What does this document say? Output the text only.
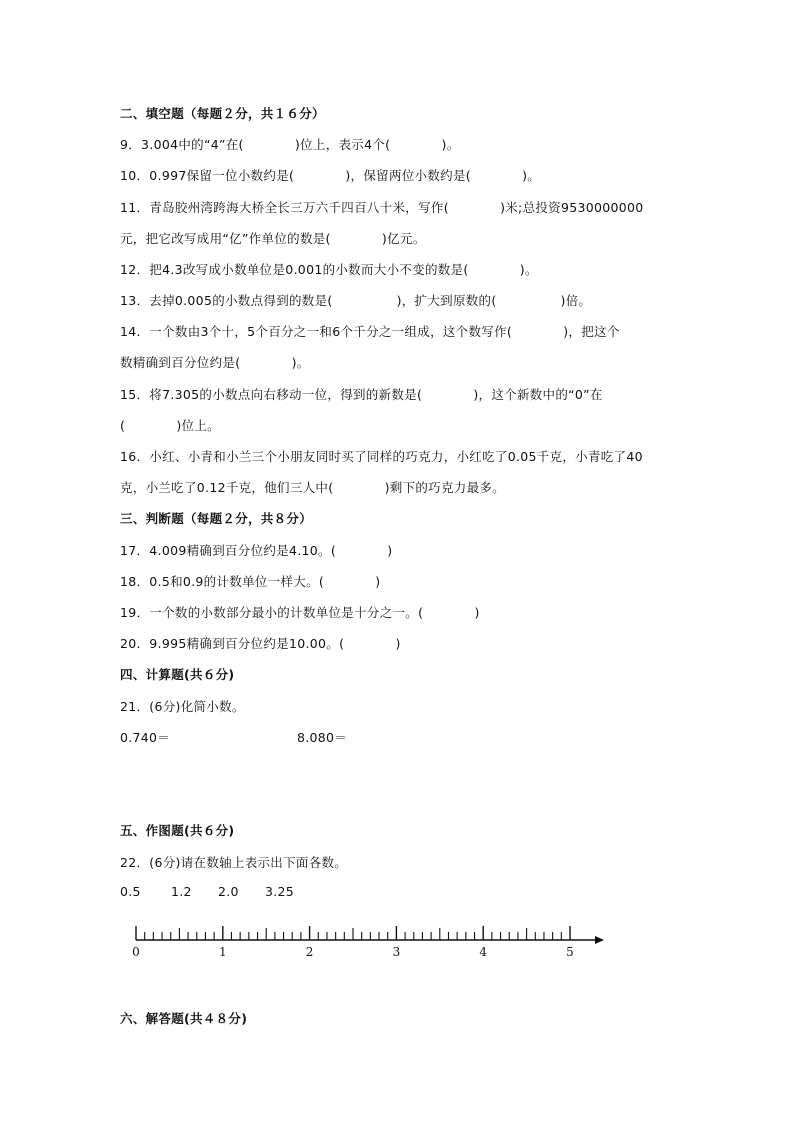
二、填空题（每题２分，共１６分）
9．3.004中的“4”在(　　　　)位上，表示4个(　　　　)。
10．0.997保留一位小数约是(　　　　)，保留两位小数约是(　　　　)。
11．青岛胶州湾跨海大桥全长三万六千四百八十米，写作(　　　　)米;总投资9530000000
元，把它改写成用“亿”作单位的数是(　　　　)亿元。
12．把4.3改写成小数单位是0.001的小数而大小不变的数是(　　　　)。
13．去掉0.005的小数点得到的数是(　　　　　)，扩大到原数的(　　　　　)倍。
14．一个数由3个十，5个百分之一和6个千分之一组成，这个数写作(　　　　)，把这个
数精确到百分位约是(　　　　)。
15．将7.305的小数点向右移动一位，得到的新数是(　　　　)，这个新数中的“0”在
(　　　　)位上。
16．小红、小青和小兰三个小朋友同时买了同样的巧克力，小红吃了0.05千克，小青吃了40
克，小兰吃了0.12千克，他们三人中(　　　　)剩下的巧克力最多。
三、判断题（每题２分，共８分）
17．4.009精确到百分位约是4.10。(　　　　)
18．0.5和0.9的计数单位一样大。(　　　　)
19．一个数的小数部分最小的计数单位是十分之一。(　　　　)
20．9.995精确到百分位约是10.00。(　　　　)
四、计算题(共６分)
21．(6分)化简小数。
0.740＝	8.080＝
五、作图题(共６分)
22．(6分)请在数轴上表示出下面各数。
0.5 1.2 2.0 3.25
0	1	2	3	4	5
六、解答题(共４８分)
